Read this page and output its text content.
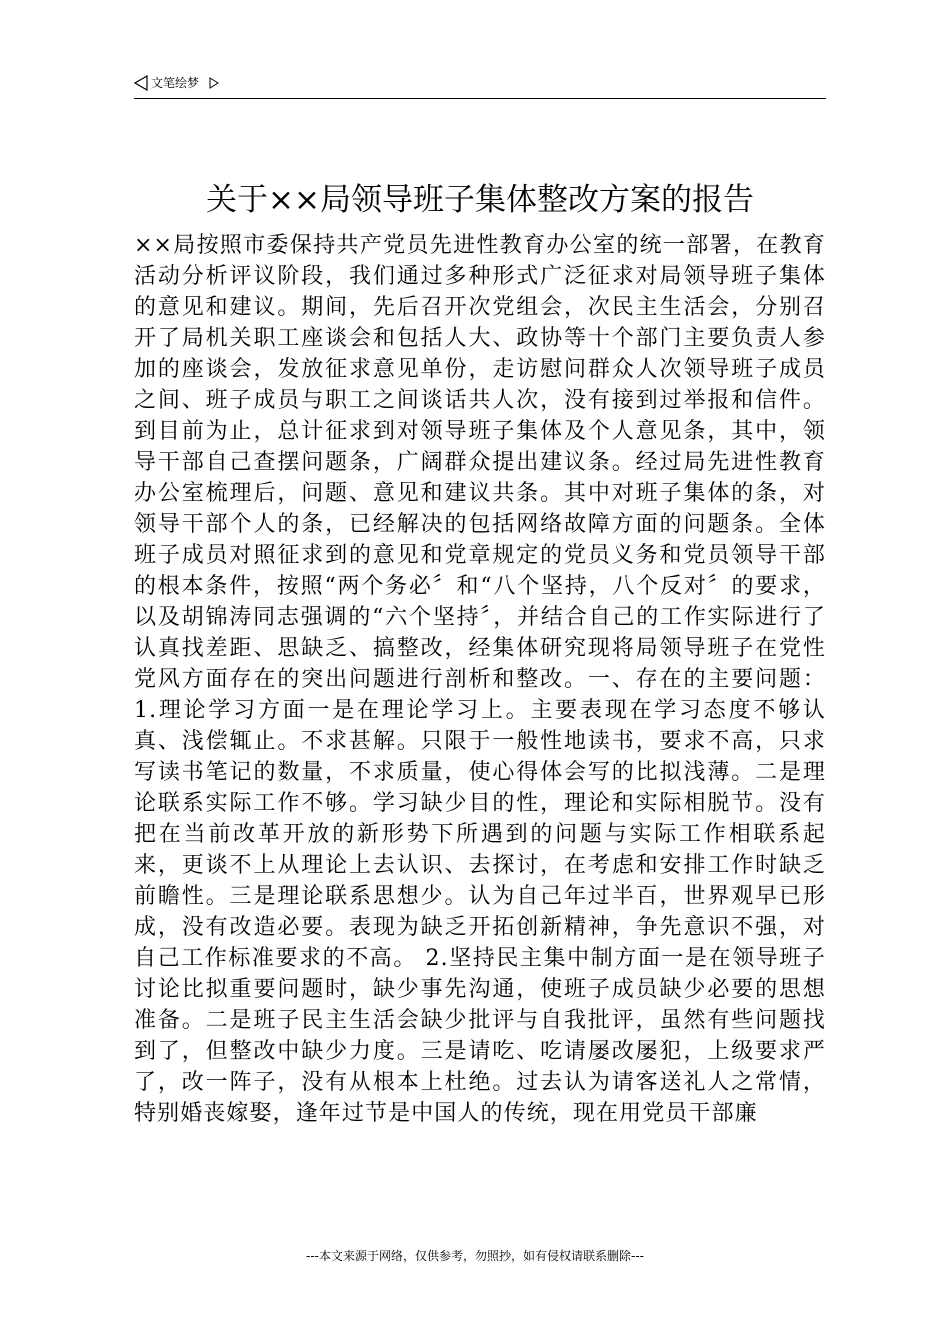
文笔绘梦
关于××局领导班子集体整改方案的报告
××局按照市委保持共产党员先进性教育办公室的统一部署，在教育活动分析评议阶段，我们通过多种形式广泛征求对局领导班子集体的意见和建议。期间，先后召开次党组会，次民主生活会，分别召开了局机关职工座谈会和包括人大、政协等十个部门主要负责人参加的座谈会，发放征求意见单份，走访慰问群众人次领导班子成员之间、班子成员与职工之间谈话共人次，没有接到过举报和信件。到目前为止，总计征求到对领导班子集体及个人意见条，其中，领导干部自己查摆问题条，广阔群众提出建议条。经过局先进性教育办公室梳理后，问题、意见和建议共条。其中对班子集体的条，对领导干部个人的条，已经解决的包括网络故障方面的问题条。全体班子成员对照征求到的意见和党章规定的党员义务和党员领导干部的根本条件，按照“两个务必〞和“八个坚持，八个反对〞的要求，以及胡锦涛同志强调的“六个坚持〞，并结合自己的工作实际进行了认真找差距、思缺乏、搞整改，经集体研究现将局领导班子在党性党风方面存在的突出问题进行剖析和整改。一、存在的主要问题： 1.理论学习方面一是在理论学习上。主要表现在学习态度不够认真、浅偿辄止。不求甚解。只限于一般性地读书，要求不高，只求写读书笔记的数量，不求质量，使心得体会写的比拟浅薄。二是理论联系实际工作不够。学习缺少目的性，理论和实际相脱节。没有把在当前改革开放的新形势下所遇到的问题与实际工作相联系起来，更谈不上从理论上去认识、去探讨，在考虑和安排工作时缺乏前瞻性。三是理论联系思想少。认为自己年过半百，世界观早已形成，没有改造必要。表现为缺乏开拓创新精神，争先意识不强，对自己工作标准要求的不高。 2.坚持民主集中制方面一是在领导班子讨论比拟重要问题时，缺少事先沟通，使班子成员缺少必要的思想准备。二是班子民主生活会缺少批评与自我批评，虽然有些问题找到了，但整改中缺少力度。三是请吃、吃请屡改屡犯，上级要求严了，改一阵子，没有从根本上杜绝。过去认为请客送礼人之常情，特别婚丧嫁娶，逢年过节是中国人的传统，现在用党员干部廉
---本文来源于网络，仅供参考，勿照抄，如有侵权请联系删除---
